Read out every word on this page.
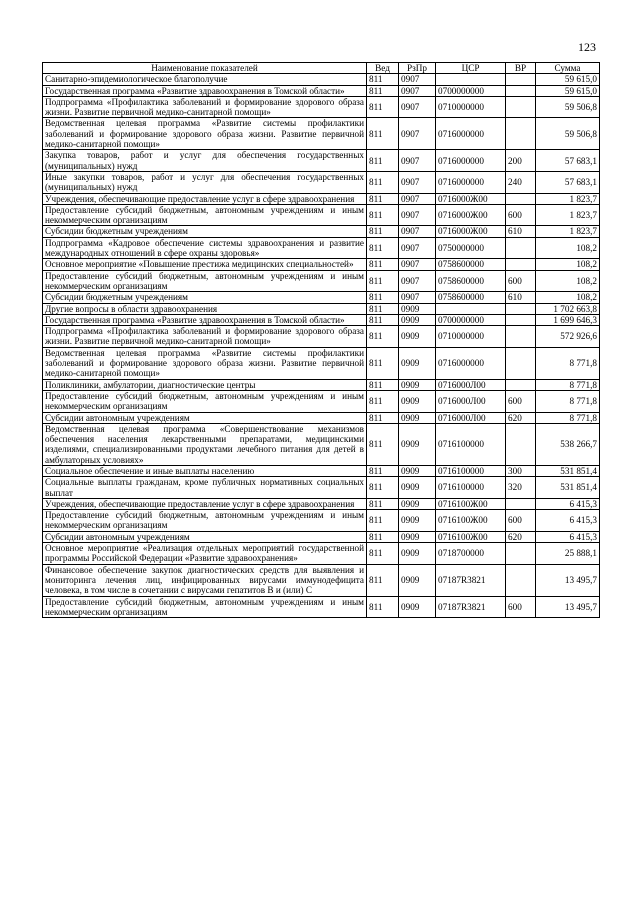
123
Наименование показателей	Вед	РзПр	ЦСР	ВР	Сумма
Санитарно-эпидемиологическое благополучие	811	0907			59 615,0
Государственная программа «Развитие здравоохранения в Томской области»	811	0907	0700000000		59 615,0
Подпрограмма «Профилактика заболеваний и формирование здорового образа жизни. Развитие первичной медико-санитарной помощи»	811	0907	0710000000		59 506,8
Ведомственная целевая программа «Развитие системы профилактики заболеваний и формирование здорового образа жизни. Развитие первичной медико-санитарной помощи»	811	0907	0716000000		59 506,8
Закупка товаров, работ и услуг для обеспечения государственных (муниципальных) нужд	811	0907	0716000000	200	57 683,1
Иные закупки товаров, работ и услуг для обеспечения государственных (муниципальных) нужд	811	0907	0716000000	240	57 683,1
Учреждения, обеспечивающие предоставление услуг в сфере здравоохранения	811	0907	0716000Ж00		1 823,7
Предоставление субсидий бюджетным, автономным учреждениям и иным некоммерческим организациям	811	0907	0716000Ж00	600	1 823,7
Субсидии бюджетным учреждениям	811	0907	0716000Ж00	610	1 823,7
Подпрограмма «Кадровое обеспечение системы здравоохранения и развитие международных отношений в сфере охраны здоровья»	811	0907	0750000000		108,2
Основное мероприятие «Повышение престижа медицинских специальностей»	811	0907	0758600000		108,2
Предоставление субсидий бюджетным, автономным учреждениям и иным некоммерческим организациям	811	0907	0758600000	600	108,2
Субсидии бюджетным учреждениям	811	0907	0758600000	610	108,2
Другие вопросы в области здравоохранения	811	0909			1 702 663,8
Государственная программа «Развитие здравоохранения в Томской области»	811	0909	0700000000		1 699 646,3
Подпрограмма «Профилактика заболеваний и формирование здорового образа жизни. Развитие первичной медико-санитарной помощи»	811	0909	0710000000		572 926,6
Ведомственная целевая программа «Развитие системы профилактики заболеваний и формирование здорового образа жизни. Развитие первичной медико-санитарной помощи»	811	0909	0716000000		8 771,8
Поликлиники, амбулатории, диагностические центры	811	0909	0716000Л00		8 771,8
Предоставление субсидий бюджетным, автономным учреждениям и иным некоммерческим организациям	811	0909	0716000Л00	600	8 771,8
Субсидии автономным учреждениям	811	0909	0716000Л00	620	8 771,8
Ведомственная целевая программа «Совершенствование механизмов обеспечения населения лекарственными препаратами, медицинскими изделиями, специализированными продуктами лечебного питания для детей в амбулаторных условиях»	811	0909	0716100000		538 266,7
Социальное обеспечение и иные выплаты населению	811	0909	0716100000	300	531 851,4
Социальные выплаты гражданам, кроме публичных нормативных социальных выплат	811	0909	0716100000	320	531 851,4
Учреждения, обеспечивающие предоставление услуг в сфере здравоохранения	811	0909	0716100Ж00		6 415,3
Предоставление субсидий бюджетным, автономным учреждениям и иным некоммерческим организациям	811	0909	0716100Ж00	600	6 415,3
Субсидии автономным учреждениям	811	0909	0716100Ж00	620	6 415,3
Основное мероприятие «Реализация отдельных мероприятий государственной программы Российской Федерации «Развитие здравоохранения»	811	0909	0718700000		25 888,1
Финансовое обеспечение закупок диагностических средств для выявления и мониторинга лечения лиц, инфицированных вирусами иммунодефицита человека, в том числе в сочетании с вирусами гепатитов B и (или) C	811	0909	07187R3821		13 495,7
Предоставление субсидий бюджетным, автономным учреждениям и иным некоммерческим организациям	811	0909	07187R3821	600	13 495,7
